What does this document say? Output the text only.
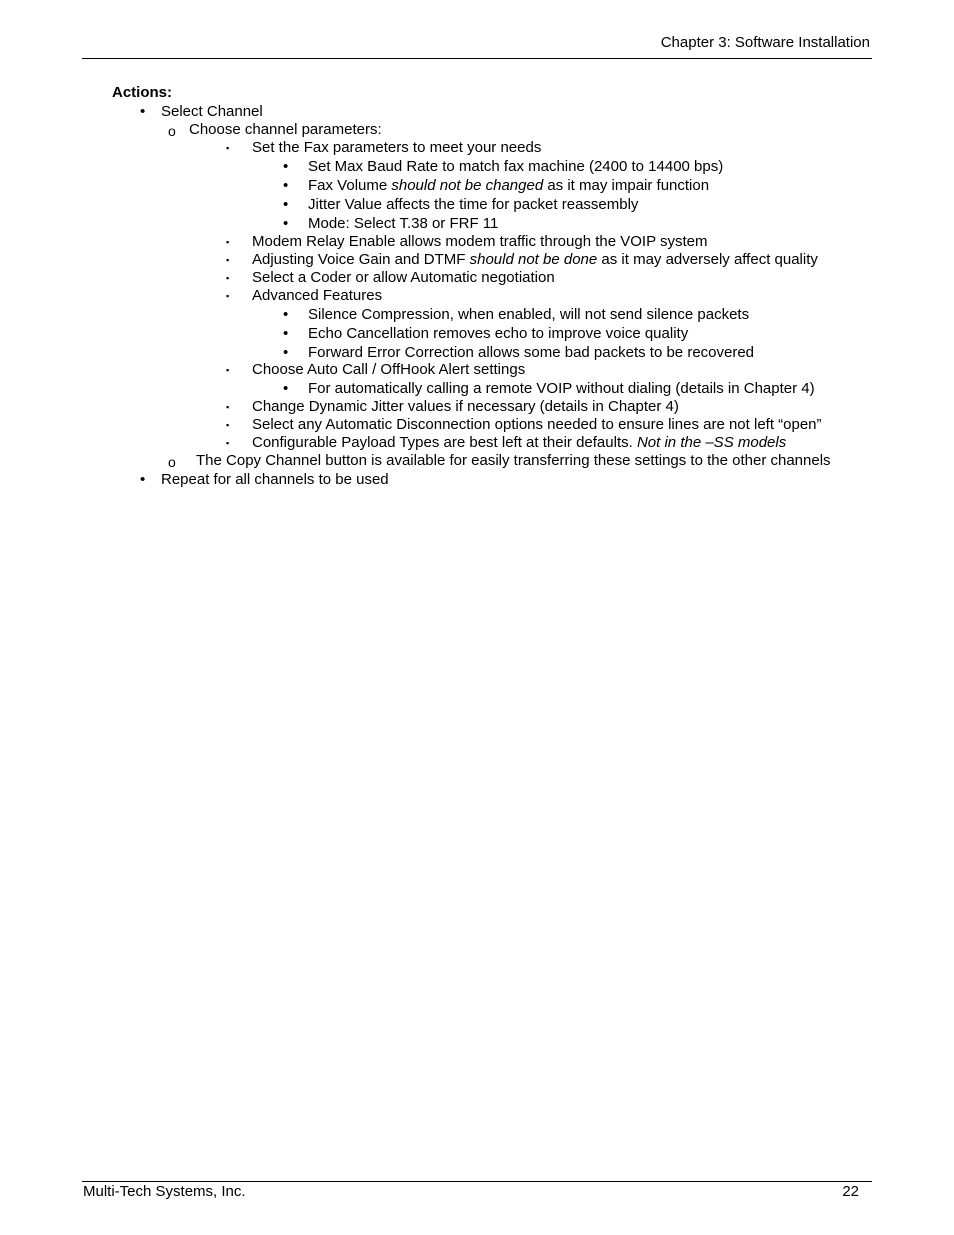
Chapter 3: Software Installation
Actions:
• Select Channel
o Choose channel parameters:
▪ Set the Fax parameters to meet your needs
• Set Max Baud Rate to match fax machine (2400 to 14400 bps)
• Fax Volume should not be changed as it may impair function
• Jitter Value affects the time for packet reassembly
• Mode: Select T.38 or FRF 11
▪ Modem Relay Enable allows modem traffic through the VOIP system
▪ Adjusting Voice Gain and DTMF should not be done as it may adversely affect quality
▪ Select a Coder or allow Automatic negotiation
▪ Advanced Features
• Silence Compression, when enabled, will not send silence packets
• Echo Cancellation removes echo to improve voice quality
• Forward Error Correction allows some bad packets to be recovered
▪ Choose Auto Call / OffHook Alert settings
• For automatically calling a remote VOIP without dialing (details in Chapter 4)
▪ Change Dynamic Jitter values if necessary (details in Chapter 4)
▪ Select any Automatic Disconnection options needed to ensure lines are not left “open”
▪ Configurable Payload Types are best left at their defaults. Not in the –SS models
o The Copy Channel button is available for easily transferring these settings to the other channels
• Repeat for all channels to be used
Multi-Tech Systems, Inc.	22
